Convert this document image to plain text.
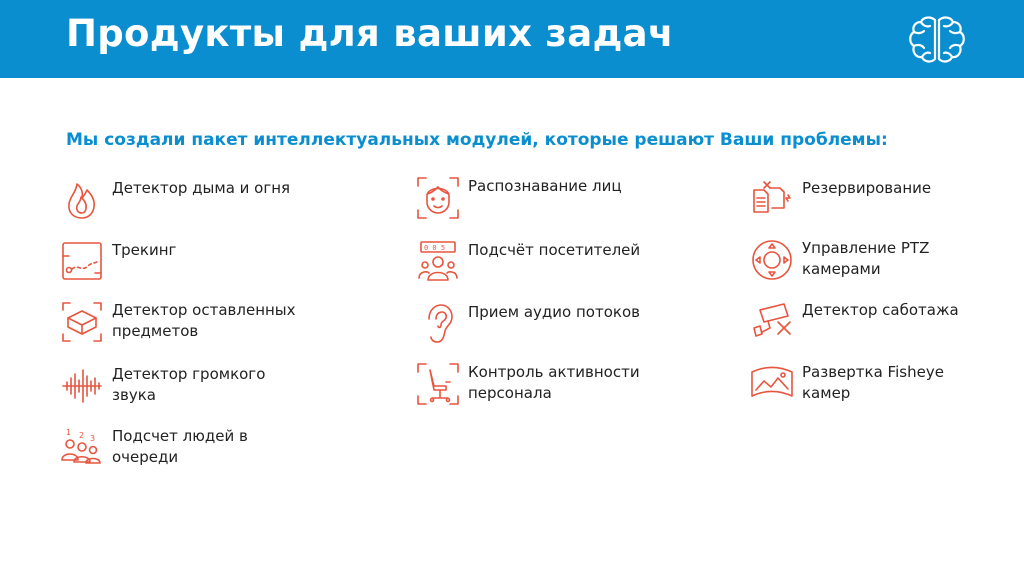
Продукты для ваших задач
Мы создали пакет интеллектуальных модулей, которые решают Ваши проблемы:
Детектор дыма и огня
Трекинг
Детектор оставленных
предметов
Детектор громкого
звука
1 2 3 Подсчет людей в
очереди
Распознавание лиц
0 0 5 Подсчёт посетителей
Прием аудио потоков
Контроль активности
персонала
Резервирование
Управление PTZ
камерами
Детектор саботажа
Развертка Fisheye
камер
